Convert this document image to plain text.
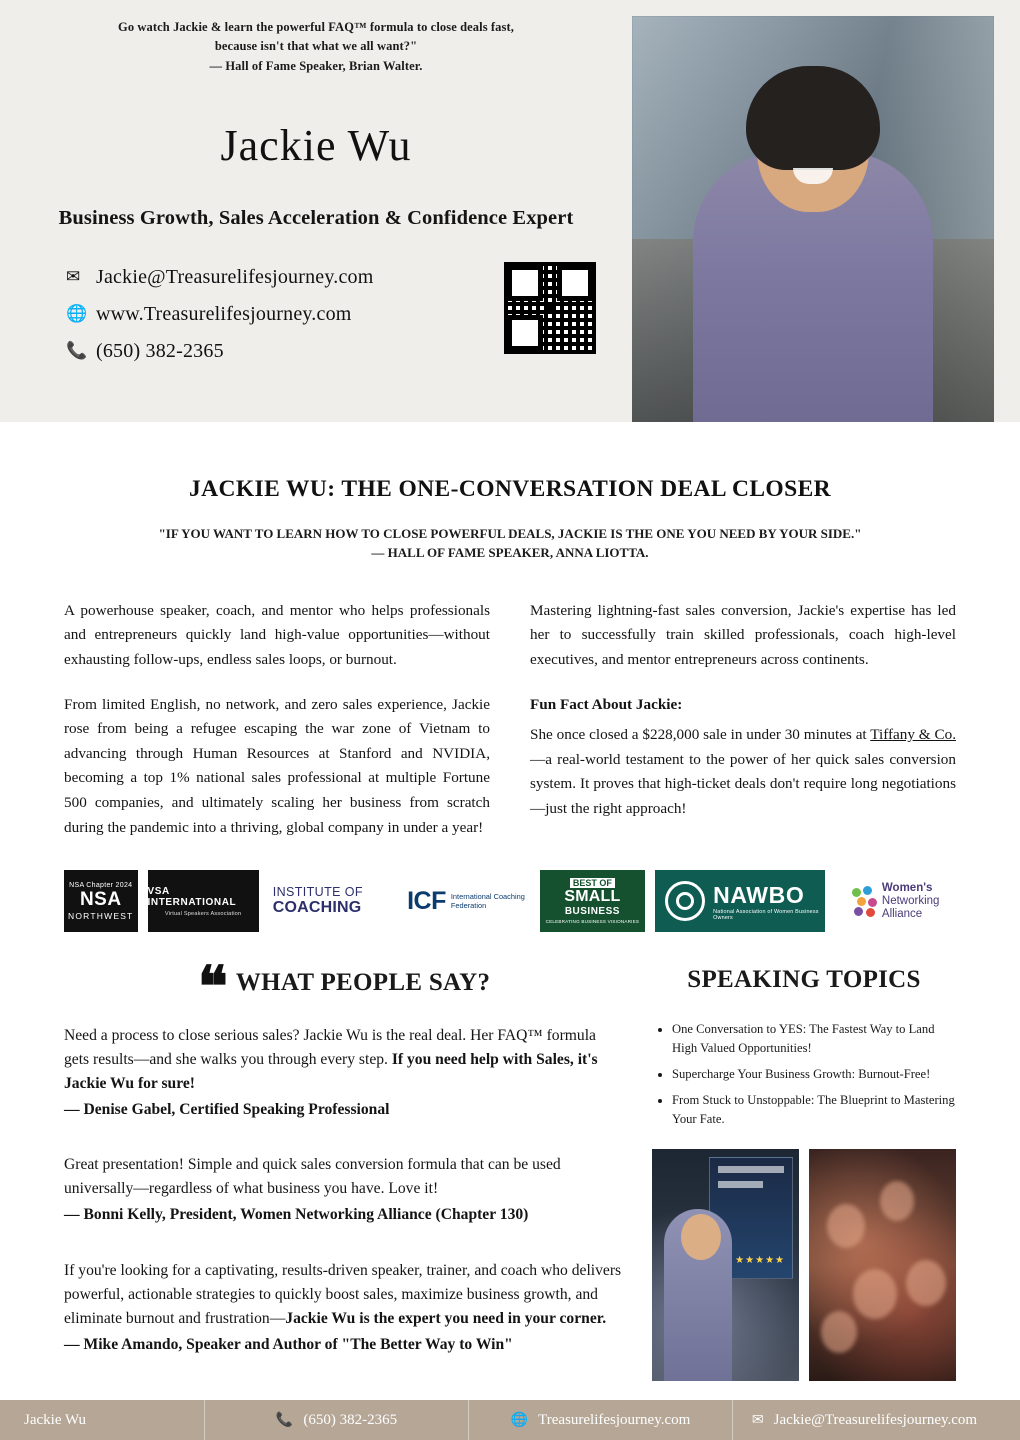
Go watch Jackie & learn the powerful FAQ™ formula to close deals fast,
because isn't that what we all want?"
— Hall of Fame Speaker, Brian Walter.
Jackie Wu
Business Growth, Sales Acceleration & Confidence Expert
✉ Jackie@Treasurelifesjourney.com
🌐 www.Treasurelifesjourney.com
📞 (650) 382-2365
JACKIE WU: THE ONE-CONVERSATION DEAL CLOSER
"IF YOU WANT TO LEARN HOW TO CLOSE POWERFUL DEALS, JACKIE IS THE ONE YOU NEED BY YOUR SIDE."
— HALL OF FAME SPEAKER, ANNA LIOTTA.

A powerhouse speaker, coach, and mentor who helps professionals and entrepreneurs quickly land high-value opportunities—without exhausting follow-ups, endless sales loops, or burnout.

From limited English, no network, and zero sales experience, Jackie rose from being a refugee escaping the war zone of Vietnam to advancing through Human Resources at Stanford and NVIDIA, becoming a top 1% national sales professional at multiple Fortune 500 companies, and ultimately scaling her business from scratch during the pandemic into a thriving, global company in under a year!

Mastering lightning-fast sales conversion, Jackie's expertise has led her to successfully train skilled professionals, coach high-level executives, and mentor entrepreneurs across continents.

Fun Fact About Jackie:

She once closed a $228,000 sale in under 30 minutes at Tiffany & Co.—a real-world testament to the power of her quick sales conversion system. It proves that high-ticket deals don't require long negotiations—just the right approach!

NSA Chapter 2024
NSA
NORTHWEST
VSA INTERNATIONAL
Virtual Speakers Association
INSTITUTE OF
COACHING ICF International Coaching Federation
BEST OF
SMALL
BUSINESS
CELEBRATING BUSINESS VISIONARIES
NAWBO
National Association of Women Business Owners
Women's
Networking
Alliance
❝ WHAT PEOPLE SAY?
Need a process to close serious sales? Jackie Wu is the real deal. Her FAQ™ formula gets results—and she walks you through every step. If you need help with Sales, it's Jackie Wu for sure!
— Denise Gabel, Certified Speaking Professional
Great presentation! Simple and quick sales conversion formula that can be used universally—regardless of what business you have. Love it!
— Bonni Kelly, President, Women Networking Alliance (Chapter 130)
If you're looking for a captivating, results-driven speaker, trainer, and coach who delivers powerful, actionable strategies to quickly boost sales, maximize business growth, and eliminate burnout and frustration—Jackie Wu is the expert you need in your corner.
— Mike Amando, Speaker and Author of "The Better Way to Win"
SPEAKING TOPICS
• One Conversation to YES: The Fastest Way to Land High Valued Opportunities!
• Supercharge Your Business Growth: Burnout-Free!
• From Stuck to Unstoppable: The Blueprint to Mastering Your Fate.
★★★★★
Jackie Wu	📞 (650) 382-2365	🌐 Treasurelifesjourney.com	✉ Jackie@Treasurelifesjourney.com
